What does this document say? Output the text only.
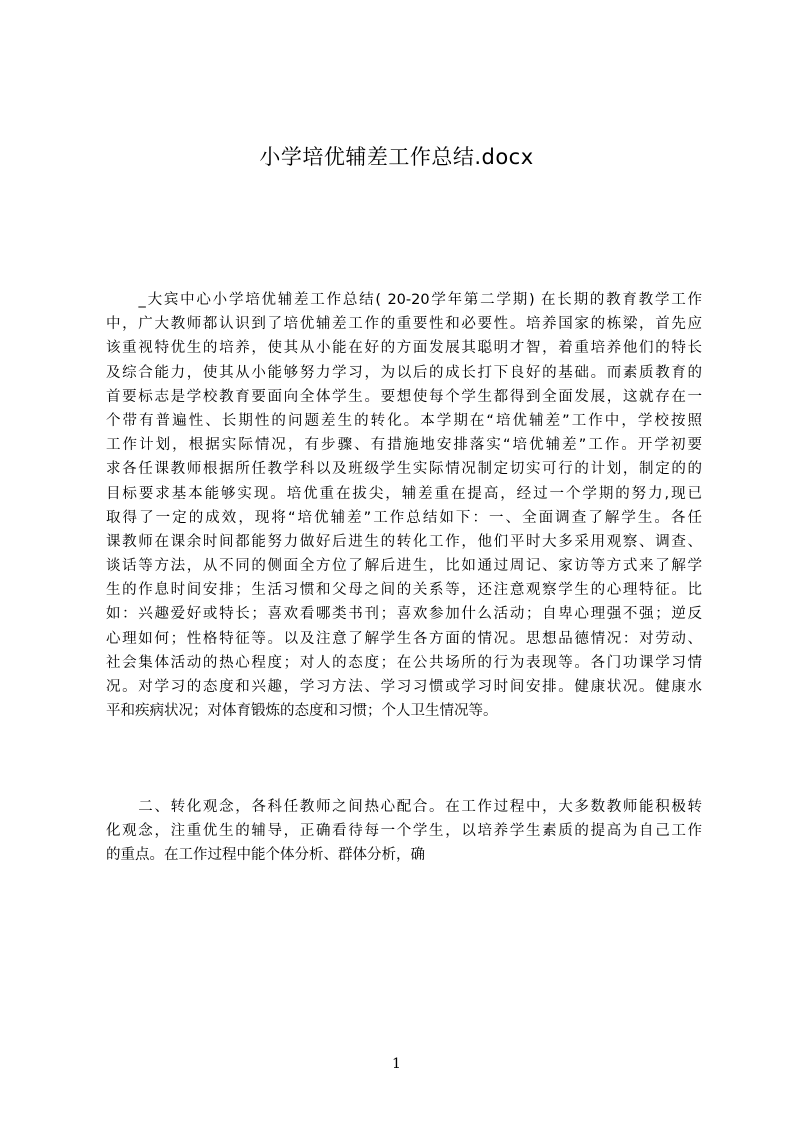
小学培优辅差工作总结.docx
　　_大宾中心小学培优辅差工作总结( 20-20学年第二学期) 在长期的教育教学工作
中，广大教师都认识到了培优辅差工作的重要性和必要性。培养国家的栋梁，首先应
该重视特优生的培养，使其从小能在好的方面发展其聪明才智，着重培养他们的特长
及综合能力，使其从小能够努力学习，为以后的成长打下良好的基础。而素质教育的
首要标志是学校教育要面向全体学生。要想使每个学生都得到全面发展，这就存在一
个带有普遍性、长期性的问题差生的转化。本学期在“培优辅差”工作中，学校按照
工作计划，根据实际情况，有步骤、有措施地安排落实“培优辅差”工作。开学初要
求各任课教师根据所任教学科以及班级学生实际情况制定切实可行的计划，制定的的
目标要求基本能够实现。培优重在拔尖，辅差重在提高，经过一个学期的努力,现已
取得了一定的成效，现将“培优辅差”工作总结如下：一、全面调查了解学生。各任
课教师在课余时间都能努力做好后进生的转化工作，他们平时大多采用观察、调查、
谈话等方法，从不同的侧面全方位了解后进生，比如通过周记、家访等方式来了解学
生的作息时间安排；生活习惯和父母之间的关系等，还注意观察学生的心理特征。比
如：兴趣爱好或特长；喜欢看哪类书刊；喜欢参加什么活动；自卑心理强不强；逆反
心理如何；性格特征等。以及注意了解学生各方面的情况。思想品德情况：对劳动、
社会集体活动的热心程度；对人的态度；在公共场所的行为表现等。各门功课学习情
况。对学习的态度和兴趣，学习方法、学习习惯或学习时间安排。健康状况。健康水
平和疾病状况；对体育锻炼的态度和习惯；个人卫生情况等。
　　二、转化观念，各科任教师之间热心配合。在工作过程中，大多数教师能积极转
化观念，注重优生的辅导，正确看待每一个学生，以培养学生素质的提高为自己工作
的重点。在工作过程中能个体分析、群体分析，确
1
